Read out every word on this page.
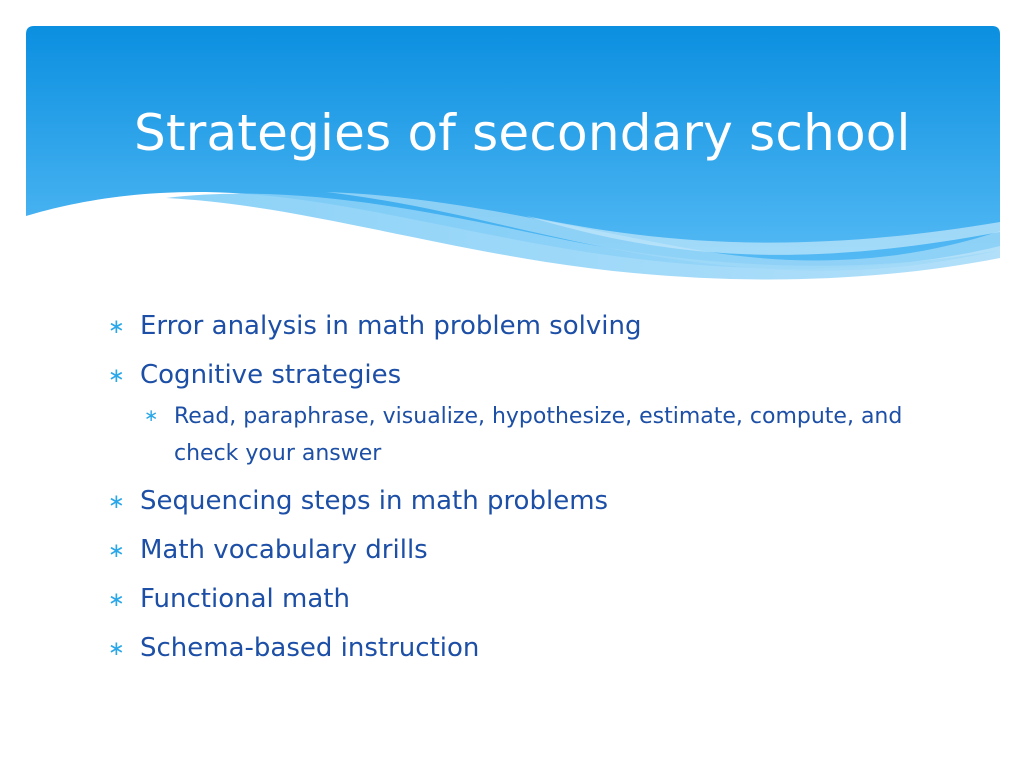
Strategies of secondary school
∗ Error analysis in math problem solving
∗ Cognitive strategies
∗ Read, paraphrase, visualize, hypothesize, estimate, compute, and check your answer
∗ Sequencing steps in math problems
∗ Math vocabulary drills
∗ Functional math
∗ Schema-based instruction
